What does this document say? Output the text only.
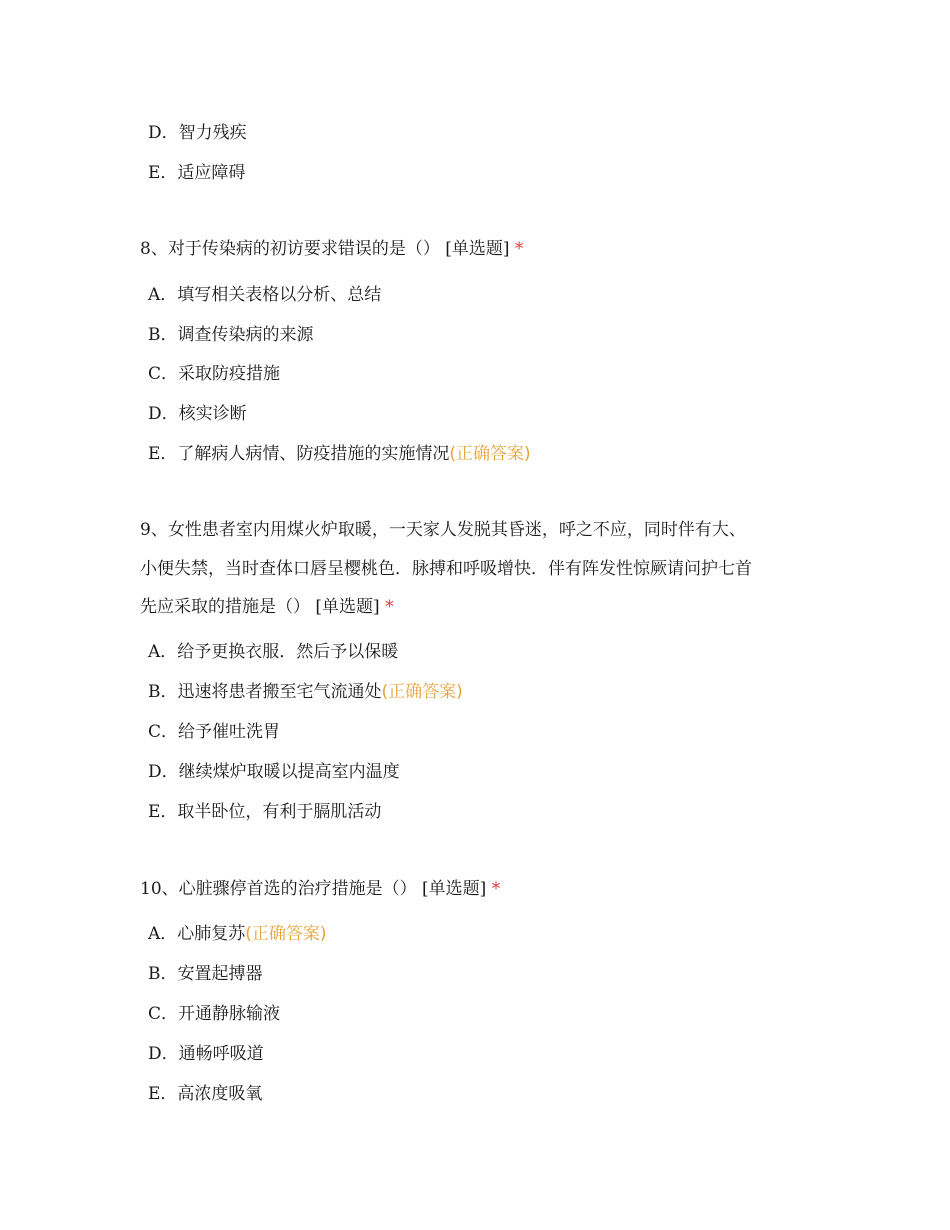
D．智力残疾
E．适应障碍
8、对于传染病的初访要求错误的是（） [单选题] *
A．填写相关表格以分析、总结
B．调查传染病的来源
C．采取防疫措施
D．核实诊断
E．了解病人病情、防疫措施的实施情况(正确答案)
9、女性患者室内用煤火炉取暖，一天家人发脱其昏迷，呼之不应，同时伴有大、
小便失禁，当时查体口唇呈樱桃色．脉搏和呼吸增快．伴有阵发性惊厥请问护七首
先应采取的措施是（） [单选题] *
A．给予更换衣服．然后予以保暖
B．迅速将患者搬至宅气流通处(正确答案)
C．给予催吐洗胃
D．继续煤炉取暖以提高室内温度
E．取半卧位，有利于膈肌活动
10、心脏骤停首选的治疗措施是（） [单选题] *
A．心肺复苏(正确答案)
B．安置起搏器
C．开通静脉输液
D．通畅呼吸道
E．高浓度吸氧
